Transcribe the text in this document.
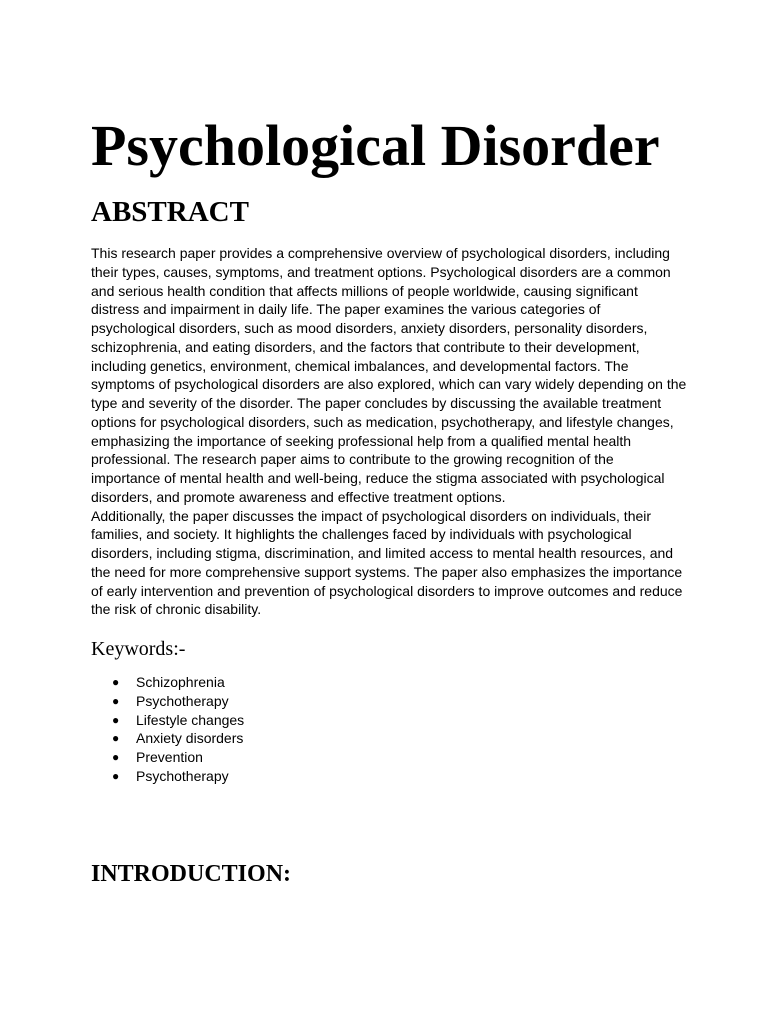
Psychological Disorder
ABSTRACT

This research paper provides a comprehensive overview of psychological disorders, including
their types, causes, symptoms, and treatment options. Psychological disorders are a common
and serious health condition that affects millions of people worldwide, causing significant
distress and impairment in daily life. The paper examines the various categories of
psychological disorders, such as mood disorders, anxiety disorders, personality disorders,
schizophrenia, and eating disorders, and the factors that contribute to their development,
including genetics, environment, chemical imbalances, and developmental factors. The
symptoms of psychological disorders are also explored, which can vary widely depending on the
type and severity of the disorder. The paper concludes by discussing the available treatment
options for psychological disorders, such as medication, psychotherapy, and lifestyle changes,
emphasizing the importance of seeking professional help from a qualified mental health
professional. The research paper aims to contribute to the growing recognition of the
importance of mental health and well-being, reduce the stigma associated with psychological
disorders, and promote awareness and effective treatment options.

Additionally, the paper discusses the impact of psychological disorders on individuals, their
families, and society. It highlights the challenges faced by individuals with psychological
disorders, including stigma, discrimination, and limited access to mental health resources, and
the need for more comprehensive support systems. The paper also emphasizes the importance
of early intervention and prevention of psychological disorders to improve outcomes and reduce
the risk of chronic disability.

Keywords:-
● Schizophrenia
● Psychotherapy
● Lifestyle changes
● Anxiety disorders
● Prevention
● Psychotherapy
INTRODUCTION:
